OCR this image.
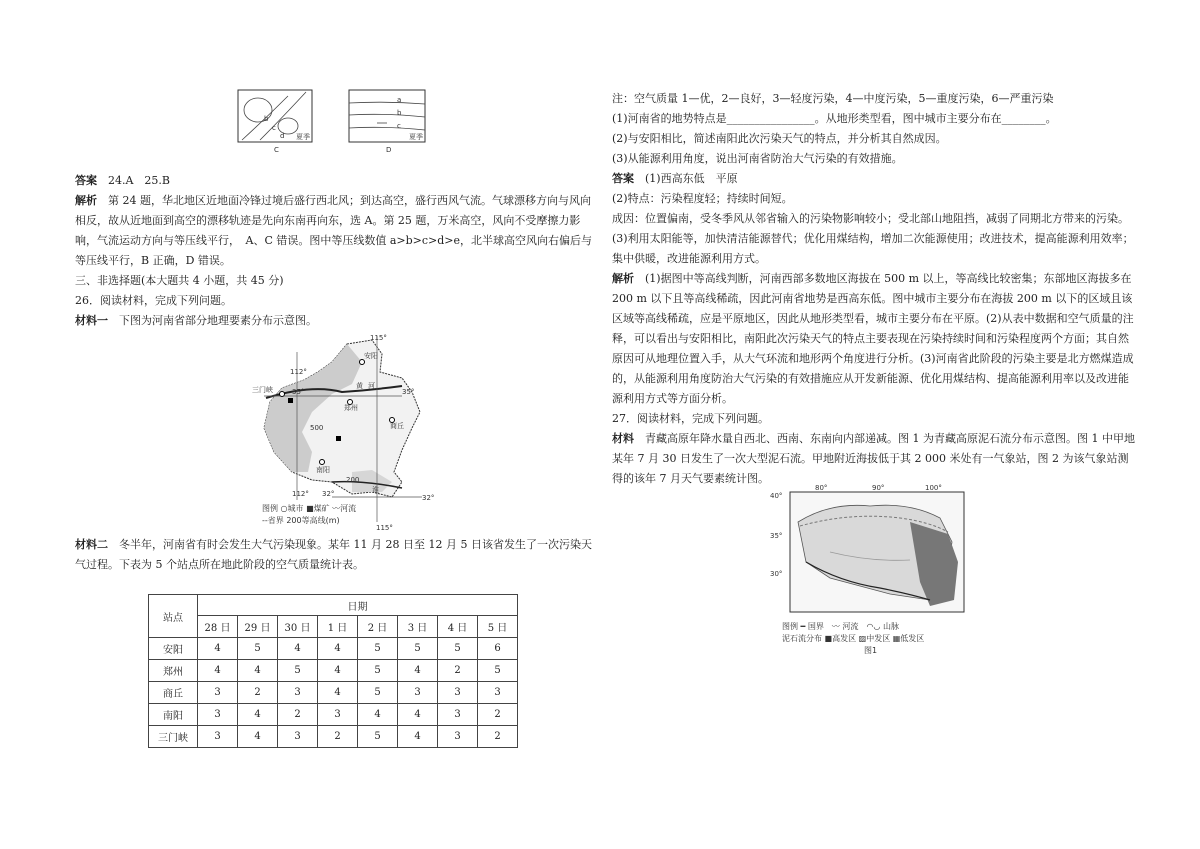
b
c
d 夏季
C
a
b
c
夏季
D

答案　 24.A　25.B

解析　 第 24 题，华北地区近地面冷锋过境后盛行西北风；到达高空，盛行西风气流。气球漂移方向与风向相反，故从近地面到高空的漂移轨迹是先向东南再向东，选 A。第 25 题，万米高空，风向不受摩擦力影响，气流运动方向与等压线平行，　A、C 错误。图中等压线数值 a>b>c>d>e，北半球高空风向右偏后与等压线平行，B 正确，D 错误。

三、非选择题(本大题共 4 小题，共 45 分)

26．阅读材料，完成下列问题。

材料一　 下图为河南省部分地理要素分布示意图。

115°
112°
35°	35°
安阳
三门峡
郑州
商丘
黄 河
南阳
淮
32°	32°
112°
115°
500
200
图例 ○城市 ■煤矿 〰河流
--省界 200等高线(m)

材料二　 冬半年，河南省有时会发生大气污染现象。某年 11 月 28 日至 12 月 5 日该省发生了一次污染天气过程。下表为 5 个站点所在地此阶段的空气质量统计表。

站点	日期							
	28 日	29 日	30 日	1 日	2 日	3 日	4 日	5 日
安阳	4	5	4	4	5	5	5	6
郑州	4	4	5	4	5	4	2	5
商丘	3	2	3	4	5	3	3	3
南阳	3	4	2	3	4	4	3	2
三门峡	3	4	3	2	5	4	3	2

注：空气质量 1—优，2—良好，3—轻度污染，4—中度污染，5—重度污染，6—严重污染

(1)河南省的地势特点是________________。从地形类型看，图中城市主要分布在________。

(2)与安阳相比，简述南阳此次污染天气的特点，并分析其自然成因。

(3)从能源利用角度，说出河南省防治大气污染的有效措施。

答案　 (1)西高东低　平原

(2)特点：污染程度轻；持续时间短。

成因：位置偏南，受冬季风从邻省输入的污染物影响较小；受北部山地阻挡，减弱了同期北方带来的污染。

(3)利用太阳能等，加快清洁能源替代；优化用煤结构，增加二次能源使用；改进技术，提高能源利用效率；集中供暖，改进能源利用方式。

解析　 (1)据图中等高线判断，河南西部多数地区海拔在 500 m 以上，等高线比较密集；东部地区海拔多在 200 m 以下且等高线稀疏，因此河南省地势是西高东低。图中城市主要分布在海拔 200 m 以下的区域且该区域等高线稀疏，应是平原地区，因此从地形类型看，城市主要分布在平原。(2)从表中数据和空气质量的注释，可以看出与安阳相比，南阳此次污染天气的特点主要表现在污染持续时间和污染程度两个方面；其自然原因可从地理位置入手，从大气环流和地形两个角度进行分析。(3)河南省此阶段的污染主要是北方燃煤造成的，从能源利用角度防治大气污染的有效措施应从开发新能源、优化用煤结构、提高能源利用率以及改进能源利用方式等方面分析。

27．阅读材料，完成下列问题。

材料　 青藏高原年降水量自西北、西南、东南向内部递减。图 1 为青藏高原泥石流分布示意图。图 1 中甲地某年 7 月 30 日发生了一次大型泥石流。甲地附近海拔低于其 2 000 米处有一气象站，图 2 为该气象站测得的该年 7 月天气要素统计图。

80°	90°	100°
40°
35°
30°
图例 ━ 国界　〰 河流　◠◡ 山脉
泥石流分布 ■高发区 ▨中发区 ▦低发区
图1
